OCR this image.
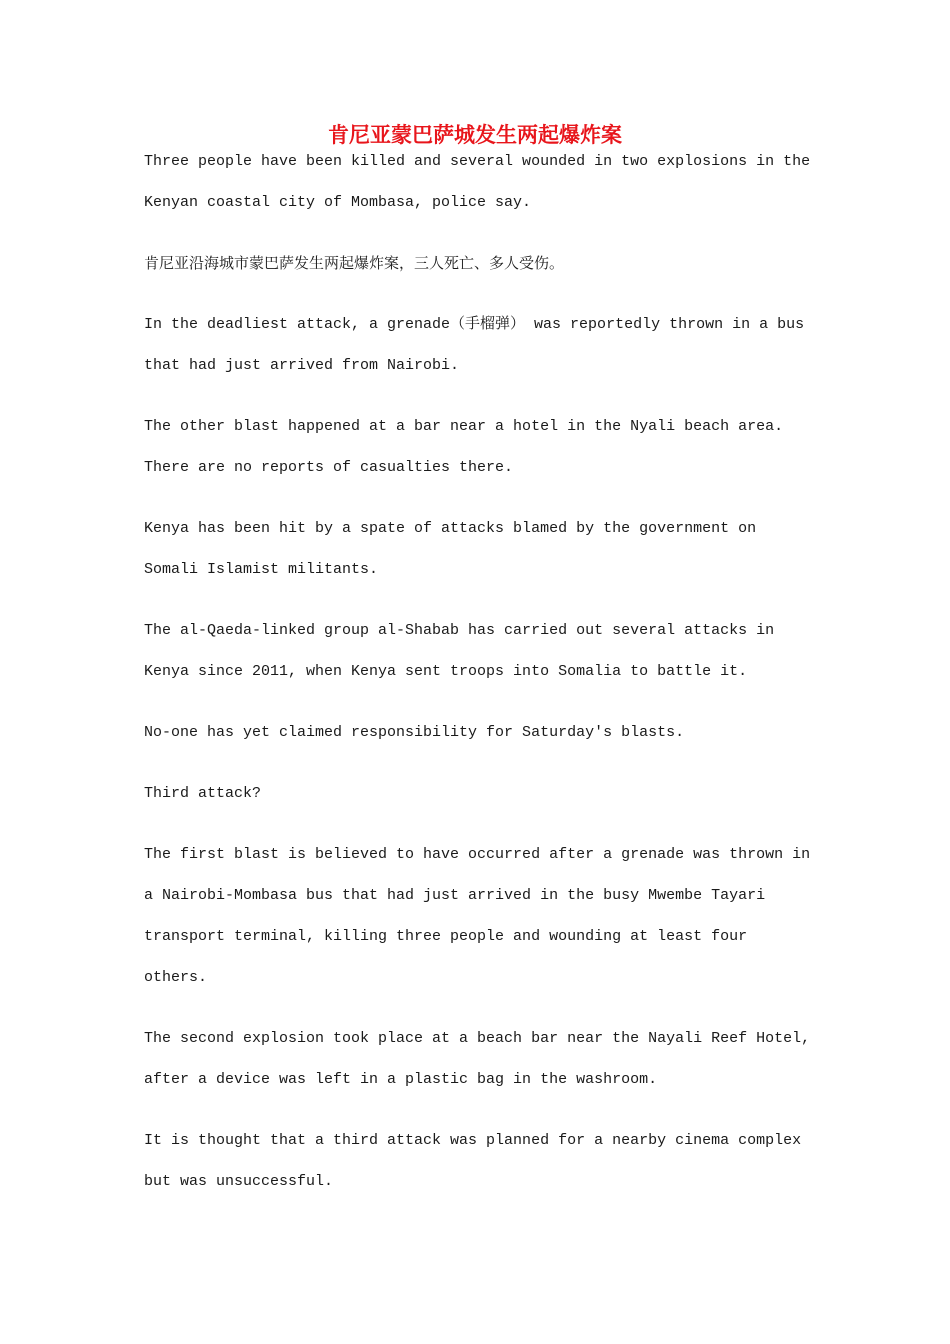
肯尼亚蒙巴萨城发生两起爆炸案

Three people have been killed and several wounded in two explosions in the Kenyan coastal city of Mombasa, police say.

肯尼亚沿海城市蒙巴萨发生两起爆炸案，三人死亡、多人受伤。

In the deadliest attack, a grenade（手榴弹） was reportedly thrown in a bus that had just arrived from Nairobi.

The other blast happened at a bar near a hotel in the Nyali beach area. There are no reports of casualties there.

Kenya has been hit by a spate of attacks blamed by the government on Somali Islamist militants.

The al-Qaeda-linked group al-Shabab has carried out several attacks in Kenya since 2011, when Kenya sent troops into Somalia to battle it.

No-one has yet claimed responsibility for Saturday's blasts.

Third attack?

The first blast is believed to have occurred after a grenade was thrown in a Nairobi-Mombasa bus that had just arrived in the busy Mwembe Tayari transport terminal, killing three people and wounding at least four others.

The second explosion took place at a beach bar near the Nayali Reef Hotel, after a device was left in a plastic bag in the washroom.

It is thought that a third attack was planned for a nearby cinema complex but was unsuccessful.
